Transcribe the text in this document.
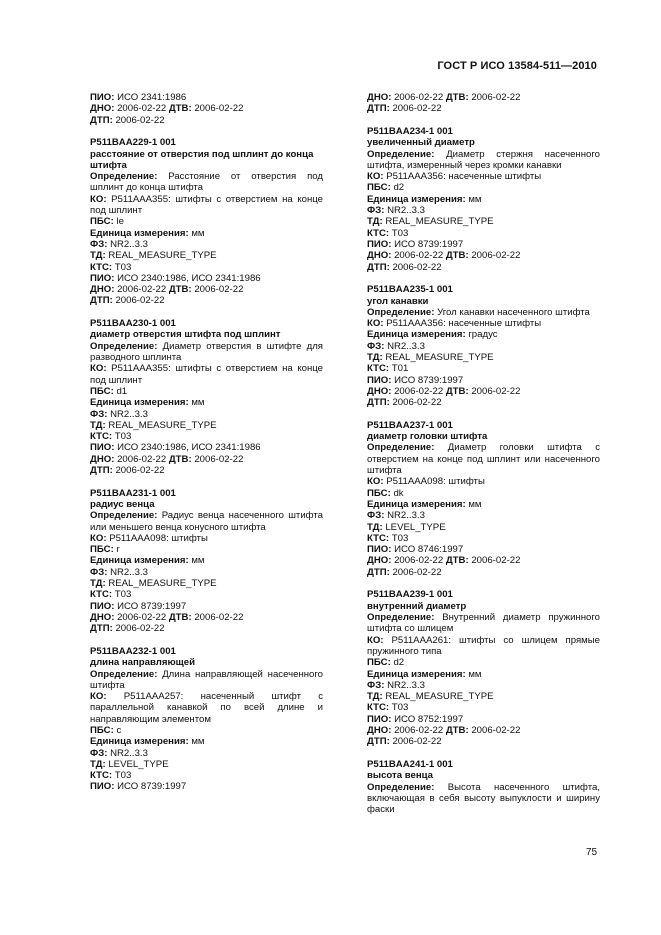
ГОСТ Р ИСО 13584-511—2010
ПИО: ИСО 2341:1986
ДНО: 2006-02-22 ДТВ: 2006-02-22
ДТП: 2006-02-22
P511BAA229-1 001
расстояние от отверстия под шплинт до конца штифта
Определение: Расстояние от отверстия под шплинт до конца штифта
КО: P511AAA355: штифты с отверстием на конце под шплинт
ПБС: le
Единица измерения: мм
ФЗ: NR2..3.3
ТД: REAL_MEASURE_TYPE
КТС: T03
ПИО: ИСО 2340:1986, ИСО 2341:1986
ДНО: 2006-02-22 ДТВ: 2006-02-22
ДТП: 2006-02-22
P511BAA230-1 001
диаметр отверстия штифта под шплинт
Определение: Диаметр отверстия в штифте для разводного шплинта
КО: P511AAA355: штифты с отверстием на конце под шплинт
ПБС: d1
Единица измерения: мм
ФЗ: NR2..3.3
ТД: REAL_MEASURE_TYPE
КТС: T03
ПИО: ИСО 2340:1986, ИСО 2341:1986
ДНО: 2006-02-22 ДТВ: 2006-02-22
ДТП: 2006-02-22
P511BAA231-1 001
радиус венца
Определение: Радиус венца насеченного штифта или меньшего венца конусного штифта
КО: P511AAA098: штифты
ПБС: r
Единица измерения: мм
ФЗ: NR2..3.3
ТД: REAL_MEASURE_TYPE
КТС: T03
ПИО: ИСО 8739:1997
ДНО: 2006-02-22 ДТВ: 2006-02-22
ДТП: 2006-02-22
P511BAA232-1 001
длина направляющей
Определение: Длина направляющей насеченного штифта
КО: P511AAA257: насеченный штифт с параллельной канавкой по всей длине и направляющим элементом
ПБС: c
Единица измерения: мм
ФЗ: NR2..3.3
ТД: LEVEL_TYPE
КТС: T03
ПИО: ИСО 8739:1997
ДНО: 2006-02-22 ДТВ: 2006-02-22
ДТП: 2006-02-22
P511BAA234-1 001
увеличенный диаметр
Определение: Диаметр стержня насеченного штифта, измеренный через кромки канавки
КО: P511AAA356: насеченные штифты
ПБС: d2
Единица измерения: мм
ФЗ: NR2..3.3
ТД: REAL_MEASURE_TYPE
КТС: T03
ПИО: ИСО 8739:1997
ДНО: 2006-02-22 ДТВ: 2006-02-22
ДТП: 2006-02-22
P511BAA235-1 001
угол канавки
Определение: Угол канавки насеченного штифта
КО: P511AAA356: насеченные штифты
Единица измерения: градус
ФЗ: NR2..3.3
ТД: REAL_MEASURE_TYPE
КТС: T01
ПИО: ИСО 8739:1997
ДНО: 2006-02-22 ДТВ: 2006-02-22
ДТП: 2006-02-22
P511BAA237-1 001
диаметр головки штифта
Определение: Диаметр головки штифта с отверстием на конце под шплинт или насеченного штифта
КО: P511AAA098: штифты
ПБС: dk
Единица измерения: мм
ФЗ: NR2..3.3
ТД: LEVEL_TYPE
КТС: T03
ПИО: ИСО 8746:1997
ДНО: 2006-02-22 ДТВ: 2006-02-22
ДТП: 2006-02-22
P511BAA239-1 001
внутренний диаметр
Определение: Внутренний диаметр пружинного штифта со шлицем
КО: P511AAA261: штифты со шлицем прямые пружинного типа
ПБС: d2
Единица измерения: мм
ФЗ: NR2..3.3
ТД: REAL_MEASURE_TYPE
КТС: T03
ПИО: ИСО 8752:1997
ДНО: 2006-02-22 ДТВ: 2006-02-22
ДТП: 2006-02-22
P511BAA241-1 001
высота венца
Определение: Высота насеченного штифта, включающая в себя высоту выпуклости и ширину фаски
75
